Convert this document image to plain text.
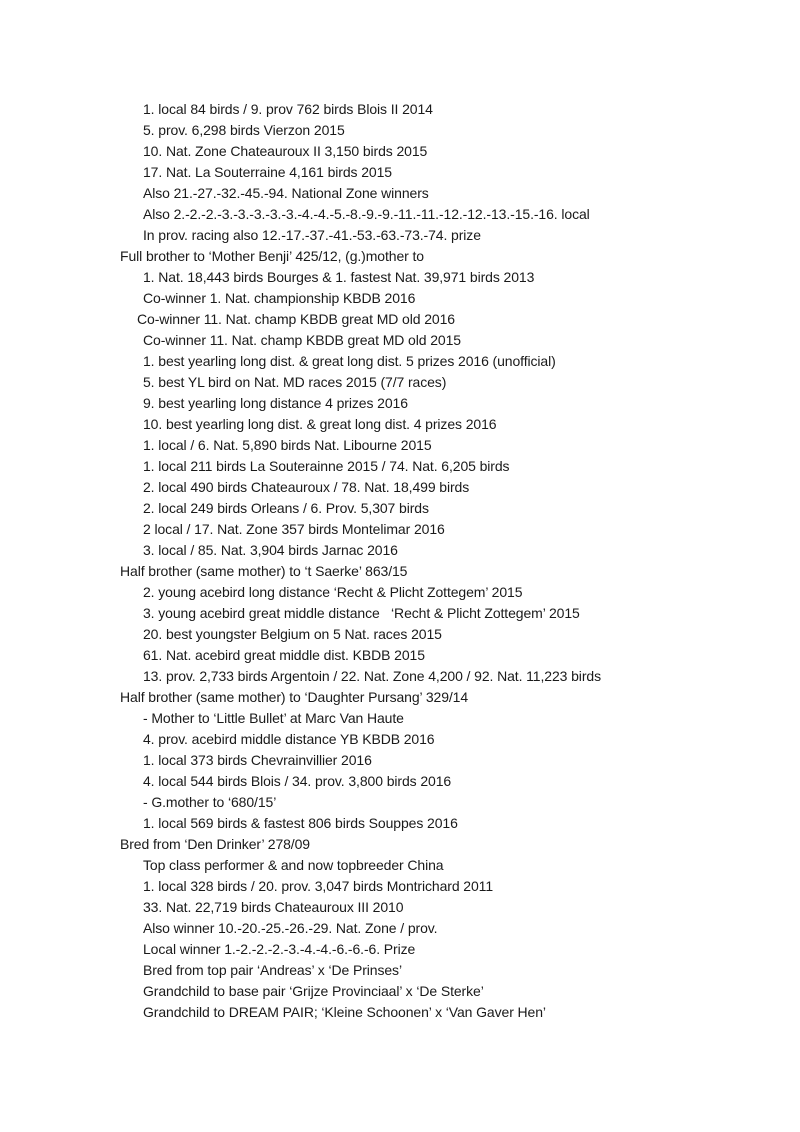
1. local 84 birds / 9. prov 762 birds Blois II 2014
5. prov. 6,298 birds Vierzon 2015
10. Nat. Zone Chateauroux II 3,150 birds 2015
17. Nat. La Souterraine 4,161 birds 2015
Also 21.-27.-32.-45.-94. National Zone winners
Also 2.-2.-2.-3.-3.-3.-3.-3.-4.-4.-5.-8.-9.-9.-11.-11.-12.-12.-13.-15.-16. local
In prov. racing also 12.-17.-37.-41.-53.-63.-73.-74. prize
Full brother to ‘Mother Benji’ 425/12, (g.)mother to
1. Nat. 18,443 birds Bourges & 1. fastest Nat. 39,971 birds 2013
Co-winner 1. Nat. championship KBDB 2016
Co-winner 11. Nat. champ KBDB great MD old 2016
Co-winner 11. Nat. champ KBDB great MD old 2015
1. best yearling long dist. & great long dist. 5 prizes 2016 (unofficial)
5. best YL bird on Nat. MD races 2015 (7/7 races)
9. best yearling long distance 4 prizes 2016
10. best yearling long dist. & great long dist. 4 prizes 2016
1. local / 6. Nat. 5,890 birds Nat. Libourne 2015
1. local 211 birds La Souterainne 2015 / 74. Nat. 6,205 birds
2. local 490 birds Chateauroux / 78. Nat. 18,499 birds
2. local 249 birds Orleans / 6. Prov. 5,307 birds
2 local / 17. Nat. Zone 357 birds Montelimar 2016
3. local / 85. Nat. 3,904 birds Jarnac 2016
Half brother (same mother) to ‘t Saerke’ 863/15
2. young acebird long distance ‘Recht & Plicht Zottegem’ 2015
3. young acebird great middle distance   ‘Recht & Plicht Zottegem’ 2015
20. best youngster Belgium on 5 Nat. races 2015
61. Nat. acebird great middle dist. KBDB 2015
13. prov. 2,733 birds Argentoin / 22. Nat. Zone 4,200 / 92. Nat. 11,223 birds
Half brother (same mother) to ‘Daughter Pursang’ 329/14
- Mother to ‘Little Bullet’ at Marc Van Haute
4. prov. acebird middle distance YB KBDB 2016
1. local 373 birds Chevrainvillier 2016
4. local 544 birds Blois / 34. prov. 3,800 birds 2016
- G.mother to ‘680/15’
1. local 569 birds & fastest 806 birds Souppes 2016
Bred from ‘Den Drinker’ 278/09
Top class performer & and now topbreeder China
1. local 328 birds / 20. prov. 3,047 birds Montrichard 2011
33. Nat. 22,719 birds Chateauroux III 2010
Also winner 10.-20.-25.-26.-29. Nat. Zone / prov.
Local winner 1.-2.-2.-2.-3.-4.-4.-6.-6.-6. Prize
Bred from top pair ‘Andreas’ x ‘De Prinses’
Grandchild to base pair ‘Grijze Provinciaal’ x ‘De Sterke’
Grandchild to DREAM PAIR; ‘Kleine Schoonen’ x ‘Van Gaver Hen’
